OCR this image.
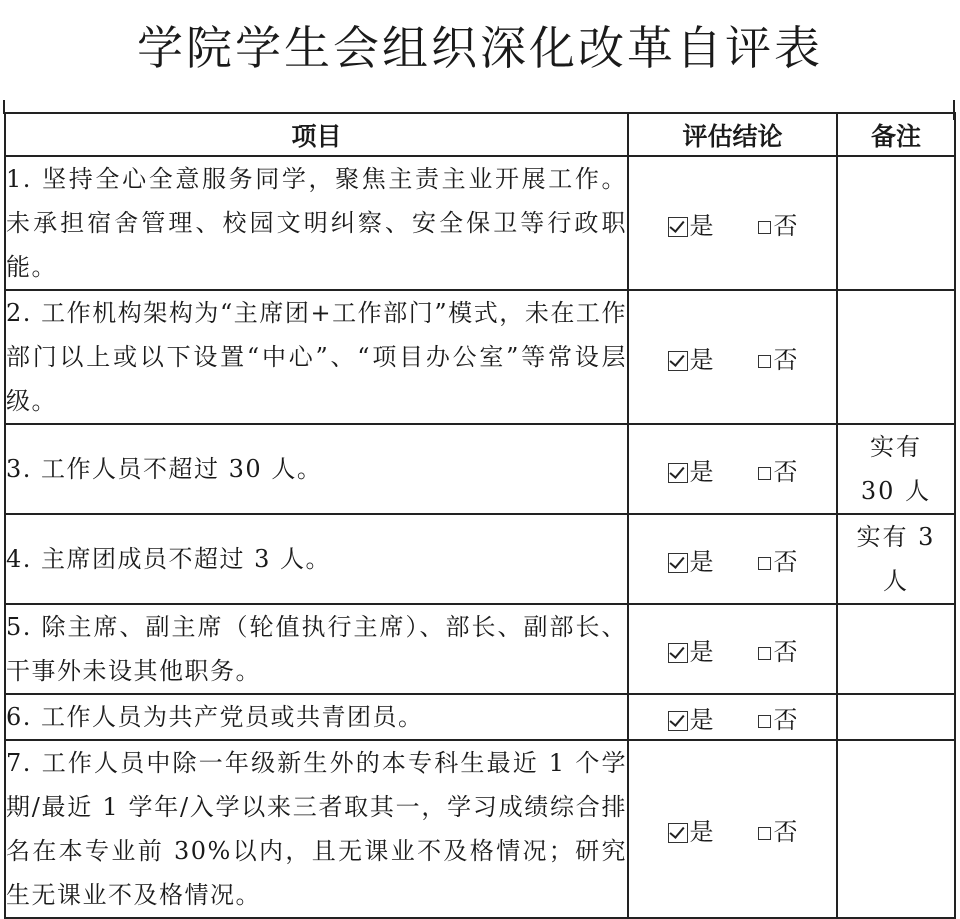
学院学生会组织深化改革自评表
项目	评估结论	备注
1. 坚持全心全意服务同学，聚焦主责主业开展工作。未承担宿舍管理、校园文明纠察、安全保卫等行政职能。	是 否	
2. 工作机构架构为“主席团+工作部门”模式，未在工作部门以上或以下设置“中心”、“项目办公室”等常设层级。	是 否	
3. 工作人员不超过 30 人。	是 否	实有 30 人
4. 主席团成员不超过 3 人。	是 否	实有 3 人
5. 除主席、副主席（轮值执行主席）、部长、副部长、干事外未设其他职务。	是 否	
6. 工作人员为共产党员或共青团员。	是 否	
7. 工作人员中除一年级新生外的本专科生最近 1 个学期/最近 1 学年/入学以来三者取其一，学习成绩综合排名在本专业前 30%以内，且无课业不及格情况；研究生无课业不及格情况。	是 否	
